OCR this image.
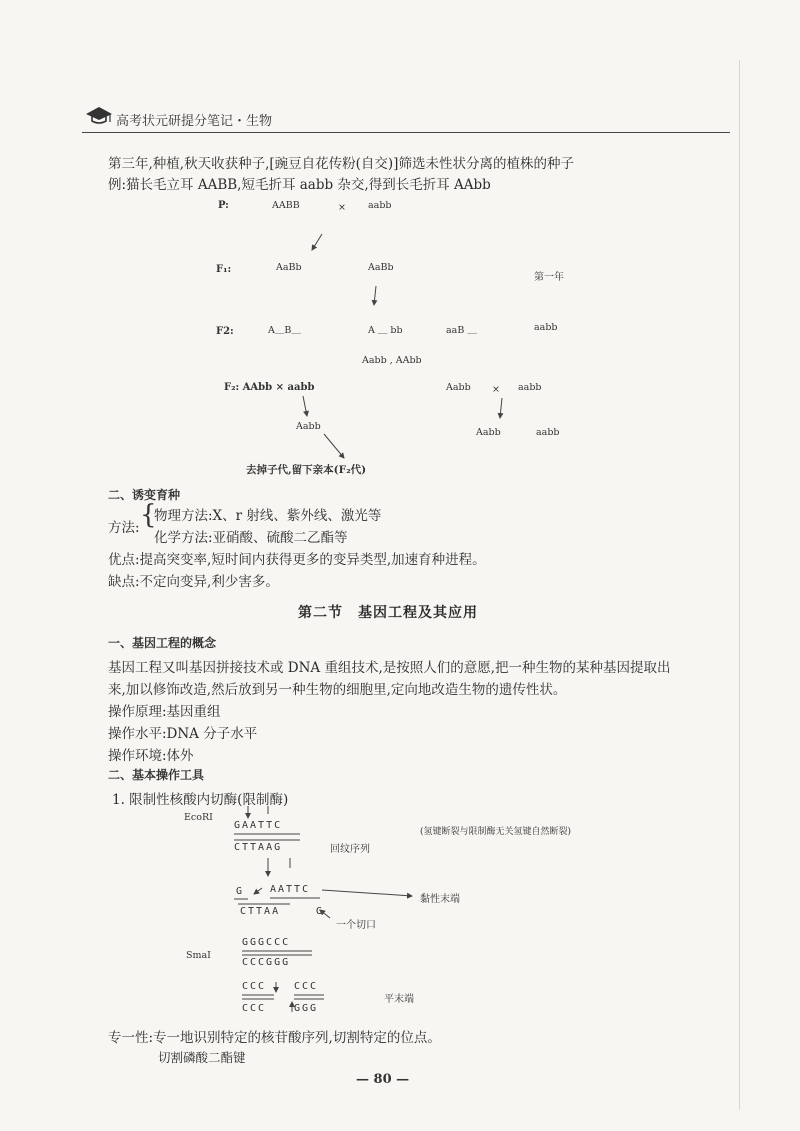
高考状元研提分笔记・生物
第三年,种植,秋天收获种子,[豌豆自花传粉(自交)]筛选未性状分离的植株的种子
例:猫长毛立耳 AABB,短毛折耳 aabb 杂交,得到长毛折耳 AAbb
P:	AABB	× aabb
F₁:	AaBb	AaBb
第一年
F2:	A＿B＿	A ＿ bb	aaB ＿	aabb
Aabb , AAbb
F₂: AAbb × aabb	Aabb × aabb
Aabb
Aabb	aabb
去掉子代,留下亲本(F₂代)
二、诱变育种
方法: {
物理方法:X、r 射线、紫外线、激光等
化学方法:亚硝酸、硫酸二乙酯等
优点:提高突变率,短时间内获得更多的变异类型,加速育种进程。
缺点:不定向变异,利少害多。
第二节　基因工程及其应用
一、基因工程的概念
基因工程又叫基因拼接技术或 DNA 重组技术,是按照人们的意愿,把一种生物的某种基因提取出
来,加以修饰改造,然后放到另一种生物的细胞里,定向地改造生物的遗传性状。
操作原理:基因重组
操作水平:DNA 分子水平
操作环境:体外
二、基本操作工具
1. 限制性核酸内切酶(限制酶)
EcoRI
GAATTC
CTTAAG	回纹序列
(氢键断裂与限制酶无关氢键自然断裂)
G	AATTC
CTTAA	G
黏性末端
一个切口
SmaI
GGGCCC
CCCGGG
CCC	CCC
CCC	GGG
平末端
专一性:专一地识别特定的核苷酸序列,切割特定的位点。
切割磷酸二酯键
— 80 —
